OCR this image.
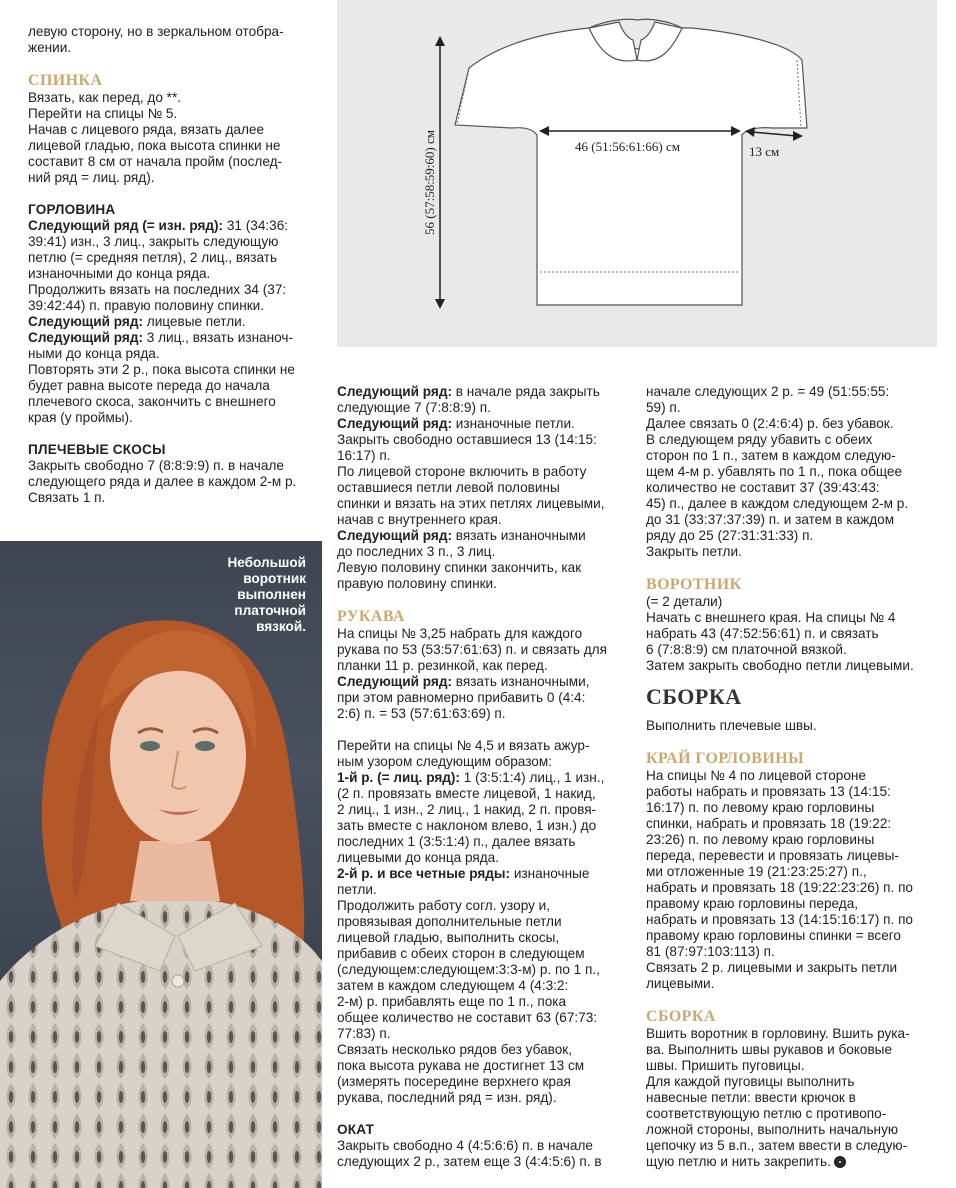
левую сторону, но в зеркальном отобра-
жении.

СПИНКА

Вязать, как перед, до **.
Перейти на спицы № 5.
Начав с лицевого ряда, вязать далее
лицевой гладью, пока высота спинки не
составит 8 см от начала пройм (послед-
ний ряд = лиц. ряд).

ГОРЛОВИНА

Следующий ряд (= изн. ряд): 31 (34:36:
39:41) изн., 3 лиц., закрыть следующую
петлю (= средняя петля), 2 лиц., вязать
изнаночными до конца ряда.
Продолжить вязать на последних 34 (37:
39:42:44) п. правую половину спинки.

Следующий ряд: лицевые петли.

Следующий ряд: 3 лиц., вязать изнаноч-
ными до конца ряда.
Повторять эти 2 р., пока высота спинки не
будет равна высоте переда до начала
плечевого скоса, закончить с внешнего
края (у проймы).

ПЛЕЧЕВЫЕ СКОСЫ

Закрыть свободно 7 (8:8:9:9) п. в начале
следующего ряда и далее в каждом 2-м р.
Связать 1 п.

Небольшой
воротник
выполнен
платочной
вязкой.
56 (57:58:59:60) см	46 (51:56:61:66) см	13 см

Следующий ряд: в начале ряда закрыть
следующие 7 (7:8:8:9) п.

Следующий ряд: изнаночные петли.
Закрыть свободно оставшиеся 13 (14:15:
16:17) п.
По лицевой стороне включить в работу
оставшиеся петли левой половины
спинки и вязать на этих петлях лицевыми,
начав с внутреннего края.

Следующий ряд: вязать изнаночными
до последних 3 п., 3 лиц.
Левую половину спинки закончить, как
правую половину спинки.

РУКАВА

На спицы № 3,25 набрать для каждого
рукава по 53 (53:57:61:63) п. и связать для
планки 11 р. резинкой, как перед.

Следующий ряд: вязать изнаночными,
при этом равномерно прибавить 0 (4:4:
2:6) п. = 53 (57:61:63:69) п.

Перейти на спицы № 4,5 и вязать ажур-
ным узором следующим образом:

1-й р. (= лиц. ряд): 1 (3:5:1:4) лиц., 1 изн.,
(2 п. провязать вместе лицевой, 1 накид,
2 лиц., 1 изн., 2 лиц., 1 накид, 2 п. провя-
зать вместе с наклоном влево, 1 изн.) до
последних 1 (3:5:1:4) п., далее вязать
лицевыми до конца ряда.

2-й р. и все четные ряды: изнаночные
петли.
Продолжить работу согл. узору и,
провязывая дополнительные петли
лицевой гладью, выполнить скосы,
прибавив с обеих сторон в следующем
(следующем:следующем:3:3-м) р. по 1 п.,
затем в каждом следующем 4 (4:3:2:
2-м) р. прибавлять еще по 1 п., пока
общее количество не составит 63 (67:73:
77:83) п.
Связать несколько рядов без убавок,
пока высота рукава не достигнет 13 см
(измерять посередине верхнего края
рукава, последний ряд = изн. ряд).

ОКАТ

Закрыть свободно 4 (4:5:6:6) п. в начале
следующих 2 р., затем еще 3 (4:4:5:6) п. в

начале следующих 2 р. = 49 (51:55:55:
59) п.
Далее связать 0 (2:4:6:4) р. без убавок.
В следующем ряду убавить с обеих
сторон по 1 п., затем в каждом следую-
щем 4-м р. убавлять по 1 п., пока общее
количество не составит 37 (39:43:43:
45) п., далее в каждом следующем 2-м р.
до 31 (33:37:37:39) п. и затем в каждом
ряду до 25 (27:31:31:33) п.
Закрыть петли.

ВОРОТНИК

(= 2 детали)
Начать с внешнего края. На спицы № 4
набрать 43 (47:52:56:61) п. и связать
6 (7:8:8:9) см платочной вязкой.
Затем закрыть свободно петли лицевыми.

СБОРКА

Выполнить плечевые швы.

КРАЙ ГОРЛОВИНЫ

На спицы № 4 по лицевой стороне
работы набрать и провязать 13 (14:15:
16:17) п. по левому краю горловины
спинки, набрать и провязать 18 (19:22:
23:26) п. по левому краю горловины
переда, перевести и провязать лицевы-
ми отложенные 19 (21:23:25:27) п.,
набрать и провязать 18 (19:22:23:26) п. по
правому краю горловины переда,
набрать и провязать 13 (14:15:16:17) п. по
правому краю горловины спинки = всего
81 (87:97:103:113) п.
Связать 2 р. лицевыми и закрыть петли
лицевыми.

СБОРКА

Вшить воротник в горловину. Вшить рука-
ва. Выполнить швы рукавов и боковые
швы. Пришить пуговицы.
Для каждой пуговицы выполнить
навесные петли: ввести крючок в
соответствующую петлю с противопо-
ложной стороны, выполнить начальную
цепочку из 5 в.п., затем ввести в следую-
щую петлю и нить закрепить.
